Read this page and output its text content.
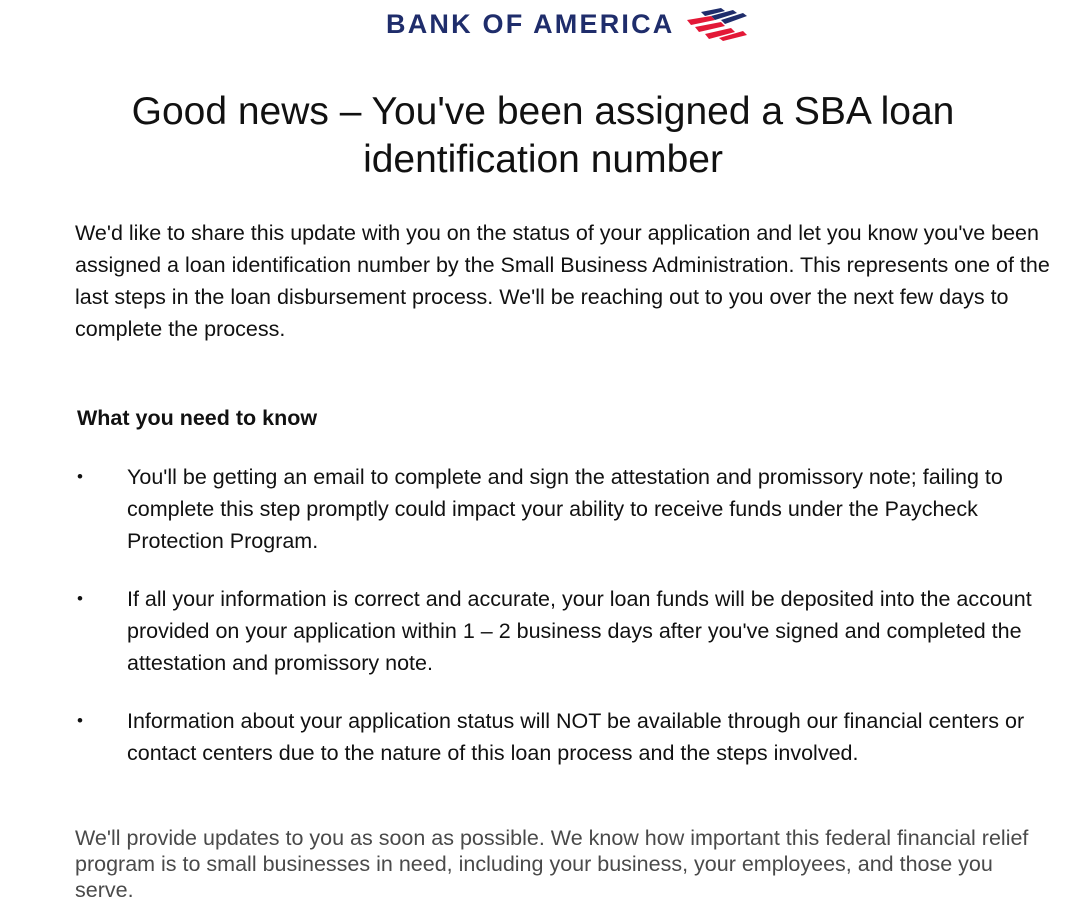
BANK OF AMERICA
Good news – You've been assigned a SBA loan identification number

We'd like to share this update with you on the status of your application and let you know you've been assigned a loan identification number by the Small Business Administration. This represents one of the last steps in the loan disbursement process. We'll be reaching out to you over the next few days to complete the process.

What you need to know
•	You'll be getting an email to complete and sign the attestation and promissory note; failing to complete this step promptly could impact your ability to receive funds under the Paycheck Protection Program.
•	If all your information is correct and accurate, your loan funds will be deposited into the account provided on your application within 1 – 2 business days after you've signed and completed the attestation and promissory note.
•	Information about your application status will NOT be available through our financial centers or contact centers due to the nature of this loan process and the steps involved.

We'll provide updates to you as soon as possible. We know how important this federal financial relief program is to small businesses in need, including your business, your employees, and those you serve.
